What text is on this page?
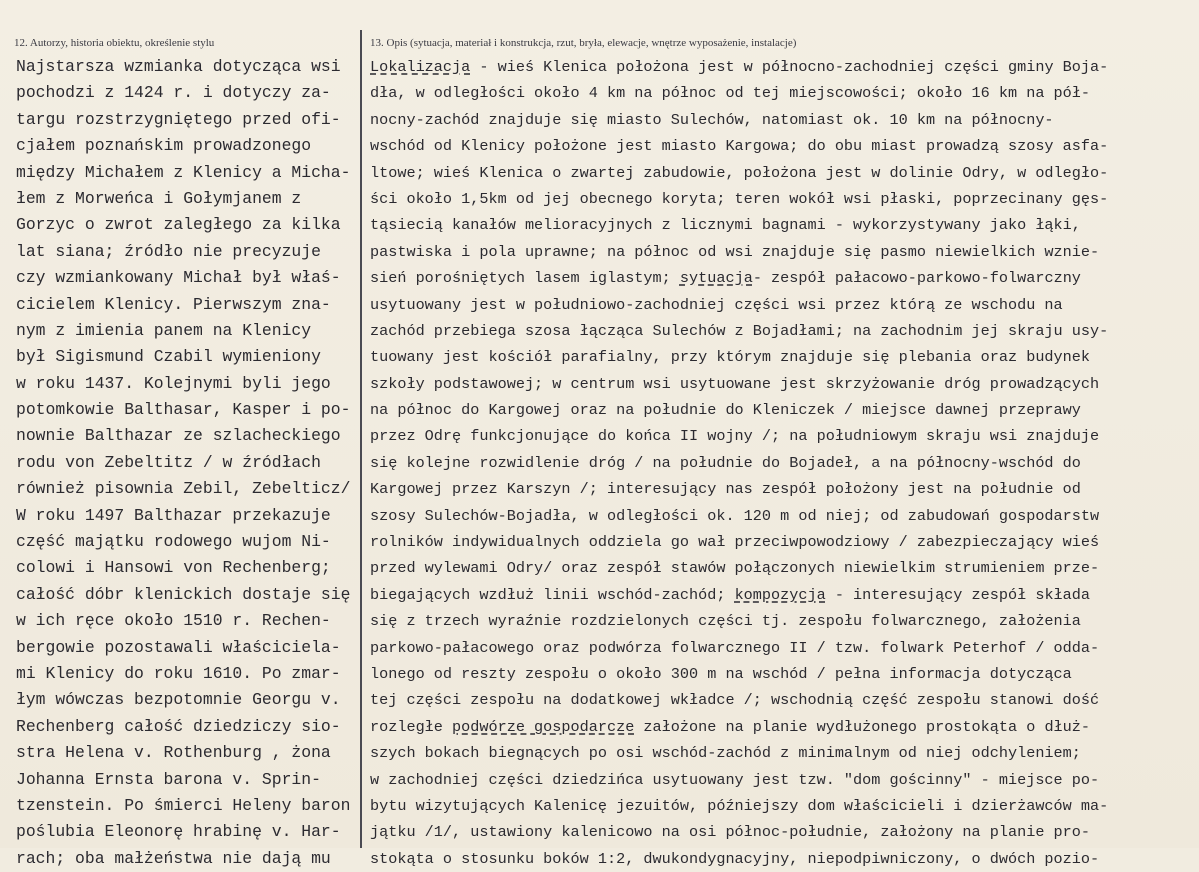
12. Autorzy, historia obiektu, określenie stylu	13. Opis (sytuacja, materiał i konstrukcja, rzut, bryła, elewacje, wnętrze wyposażenie, instalacje)
Najstarsza wzmianka dotycząca wsi
pochodzi z 1424 r. i dotyczy za-
targu rozstrzygniętego przed ofi-
cjałem poznańskim prowadzonego
między Michałem z Klenicy a Micha-
łem z Morweńca i Gołymjanem z
Gorzyc o zwrot zaległego za kilka
lat siana; źródło nie precyzuje
czy wzmiankowany Michał był właś-
cicielem Klenicy. Pierwszym zna-
nym z imienia panem na Klenicy
był Sigismund Czabil wymieniony
w roku 1437. Kolejnymi byli jego
potomkowie Balthasar, Kasper i po-
nownie Balthazar ze szlacheckiego
rodu von Zebeltitz / w źródłach
również pisownia Zebil, Zebelticz/
W roku 1497 Balthazar przekazuje
część majątku rodowego wujom Ni-
colowi i Hansowi von Rechenberg;
całość dóbr klenickich dostaje się
w ich ręce około 1510 r. Rechen-
bergowie pozostawali właściciela-
mi Klenicy do roku 1610. Po zmar-
łym wówczas bezpotomnie Georgu v.
Rechenberg całość dziedziczy sio-
stra Helena v. Rothenburg , żona
Johanna Ernsta barona v. Sprin-
tzenstein. Po śmierci Heleny baron
poślubia Eleonorę hrabinę v. Har-
rach; oba małżeństwa nie dają mu
Lokalizacja - wieś Klenica położona jest w północno-zachodniej części gminy Boja-
dła, w odległości około 4 km na północ od tej miejscowości; około 16 km na pół-
nocny-zachód znajduje się miasto Sulechów, natomiast ok. 10 km na północny-
wschód od Klenicy położone jest miasto Kargowa; do obu miast prowadzą szosy asfa-
ltowe; wieś Klenica o zwartej zabudowie, położona jest w dolinie Odry, w odległo-
ści około 1,5km od jej obecnego koryta; teren wokół wsi płaski, poprzecinany gęs-
tąsiecią kanałów melioracyjnych z licznymi bagnami - wykorzystywany jako łąki,
pastwiska i pola uprawne; na północ od wsi znajduje się pasmo niewielkich wznie-
sień porośniętych lasem iglastym; sytuacja- zespół pałacowo-parkowo-folwarczny
usytuowany jest w południowo-zachodniej części wsi przez którą ze wschodu na
zachód przebiega szosa łącząca Sulechów z Bojadłami; na zachodnim jej skraju usy-
tuowany jest kościół parafialny, przy którym znajduje się plebania oraz budynek
szkoły podstawowej; w centrum wsi usytuowane jest skrzyżowanie dróg prowadzących
na północ do Kargowej oraz na południe do Kleniczek / miejsce dawnej przeprawy
przez Odrę funkcjonujące do końca II wojny /; na południowym skraju wsi znajduje
się kolejne rozwidlenie dróg / na południe do Bojadeł, a na północny-wschód do
Kargowej przez Karszyn /; interesujący nas zespół położony jest na południe od
szosy Sulechów-Bojadła, w odległości ok. 120 m od niej; od zabudowań gospodarstw
rolników indywidualnych oddziela go wał przeciwpowodziowy / zabezpieczający wieś
przed wylewami Odry/ oraz zespół stawów połączonych niewielkim strumieniem prze-
biegających wzdłuż linii wschód-zachód; kompozycja - interesujący zespół składa
się z trzech wyraźnie rozdzielonych części tj. zespołu folwarcznego, założenia
parkowo-pałacowego oraz podwórza folwarcznego II / tzw. folwark Peterhof / odda-
lonego od reszty zespołu o około 300 m na wschód / pełna informacja dotycząca
tej części zespołu na dodatkowej wkładce /; wschodnią część zespołu stanowi dość
rozległe podwórze gospodarcze założone na planie wydłużonego prostokąta o dłuż-
szych bokach biegnących po osi wschód-zachód z minimalnym od niej odchyleniem;
w zachodniej części dziedzińca usytuowany jest tzw. "dom gościnny" - miejsce po-
bytu wizytujących Kalenicę jezuitów, późniejszy dom właścicieli i dzierżawców ma-
jątku /1/, ustawiony kalenicowo na osi północ-południe, założony na planie pro-
stokąta o stosunku boków 1:2, dwukondygnacyjny, niepodpiwniczony, o dwóch pozio-
